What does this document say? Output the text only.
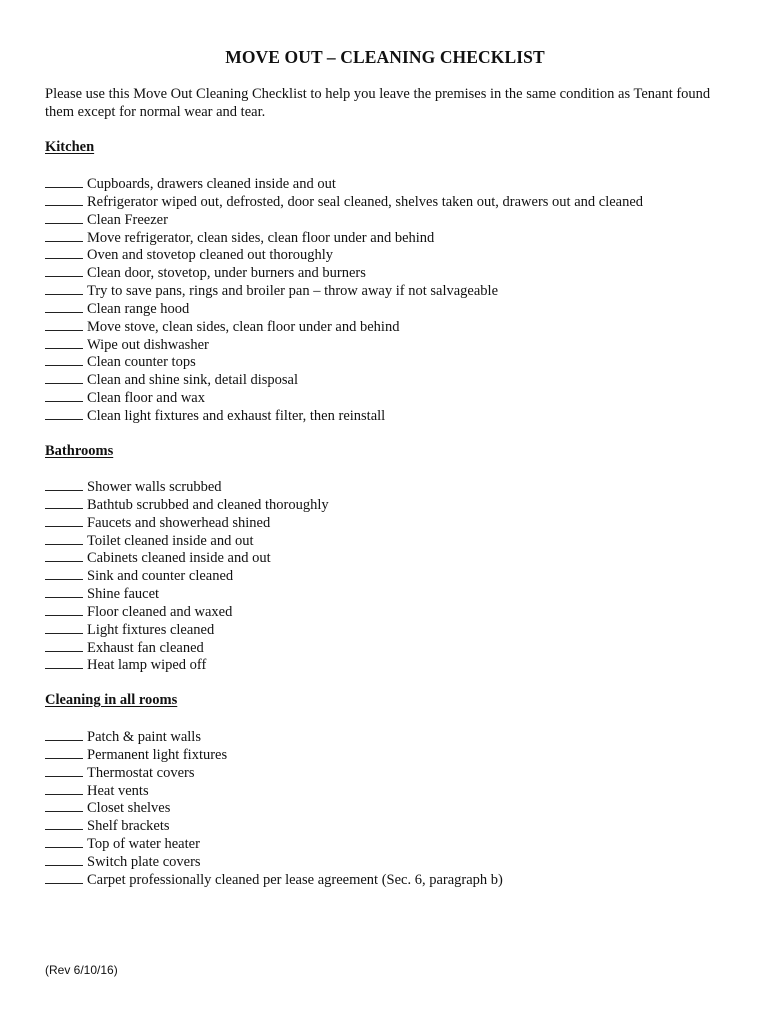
MOVE OUT – CLEANING CHECKLIST
Please use this Move Out Cleaning Checklist to help you leave the premises in the same condition as Tenant found them except for normal wear and tear.
Kitchen
Cupboards, drawers cleaned inside and out
Refrigerator wiped out, defrosted, door seal cleaned, shelves taken out, drawers out and cleaned
Clean Freezer
Move refrigerator, clean sides, clean floor under and behind
Oven and stovetop cleaned out thoroughly
Clean door, stovetop, under burners and burners
Try to save pans, rings and broiler pan – throw away if not salvageable
Clean range hood
Move stove, clean sides, clean floor under and behind
Wipe out dishwasher
Clean counter tops
Clean and shine sink, detail disposal
Clean floor and wax
Clean light fixtures and exhaust filter, then reinstall
Bathrooms
Shower walls scrubbed
Bathtub scrubbed and cleaned thoroughly
Faucets and showerhead shined
Toilet cleaned inside and out
Cabinets cleaned inside and out
Sink and counter cleaned
Shine faucet
Floor cleaned and waxed
Light fixtures cleaned
Exhaust fan cleaned
Heat lamp wiped off
Cleaning in all rooms
Patch & paint walls
Permanent light fixtures
Thermostat covers
Heat vents
Closet shelves
Shelf brackets
Top of water heater
Switch plate covers
Carpet professionally cleaned per lease agreement (Sec. 6, paragraph b)
(Rev 6/10/16)
